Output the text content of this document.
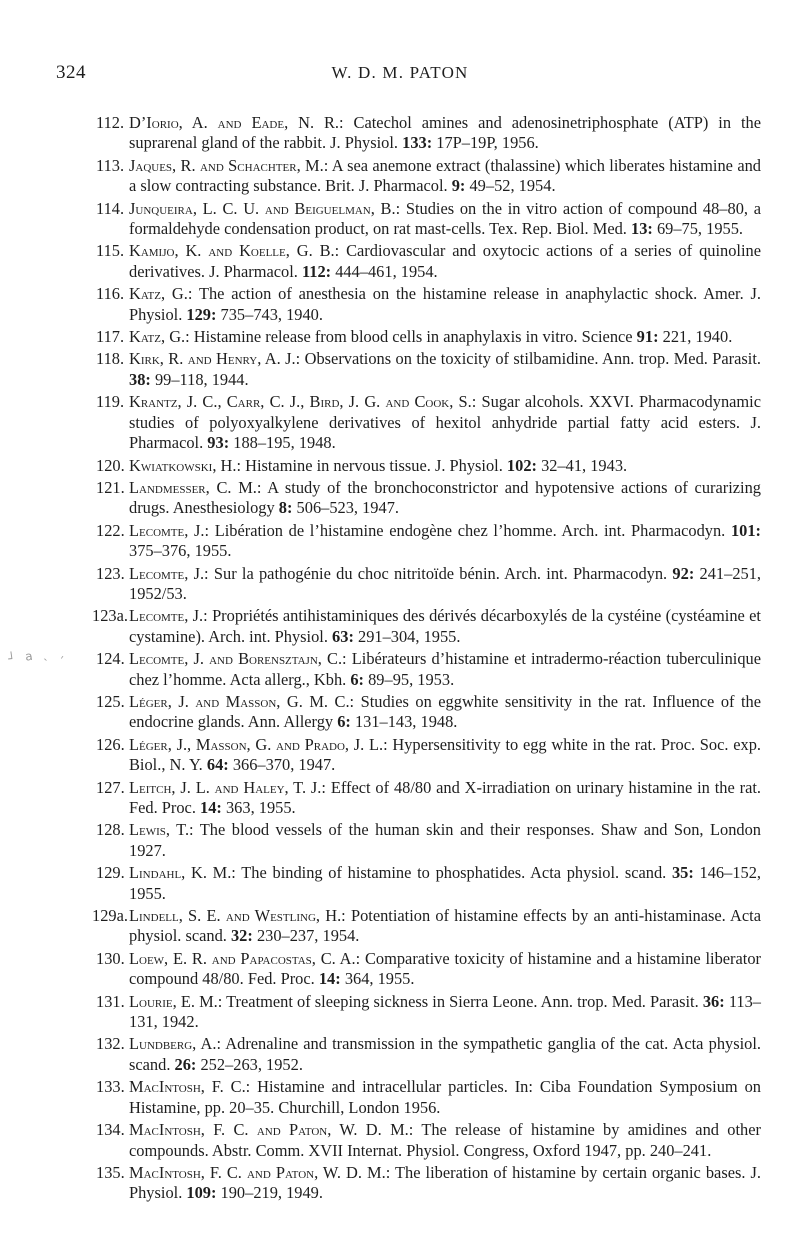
324	W. D. M. PATON
┘ a ˎ ˏ
112. D’Iorio, A. and Eade, N. R.: Catechol amines and adenosinetriphosphate (ATP) in the suprarenal gland of the rabbit. J. Physiol. 133: 17P–19P, 1956.
113. Jaques, R. and Schachter, M.: A sea anemone extract (thalassine) which liberates histamine and a slow contracting substance. Brit. J. Pharmacol. 9: 49–52, 1954.
114. Junqueira, L. C. U. and Beiguelman, B.: Studies on the in vitro action of compound 48–80, a formaldehyde condensation product, on rat mast-cells. Tex. Rep. Biol. Med. 13: 69–75, 1955.
115. Kamijo, K. and Koelle, G. B.: Cardiovascular and oxytocic actions of a series of quinoline derivatives. J. Pharmacol. 112: 444–461, 1954.
116. Katz, G.: The action of anesthesia on the histamine release in anaphylactic shock. Amer. J. Physiol. 129: 735–743, 1940.
117. Katz, G.: Histamine release from blood cells in anaphylaxis in vitro. Science 91: 221, 1940.
118. Kirk, R. and Henry, A. J.: Observations on the toxicity of stilbamidine. Ann. trop. Med. Parasit. 38: 99–118, 1944.
119. Krantz, J. C., Carr, C. J., Bird, J. G. and Cook, S.: Sugar alcohols. XXVI. Pharmacodynamic studies of polyoxyalkylene derivatives of hexitol anhydride partial fatty acid esters. J. Pharmacol. 93: 188–195, 1948.
120. Kwiatkowski, H.: Histamine in nervous tissue. J. Physiol. 102: 32–41, 1943.
121. Landmesser, C. M.: A study of the bronchoconstrictor and hypotensive actions of curarizing drugs. Anesthesiology 8: 506–523, 1947.
122. Lecomte, J.: Libération de l’histamine endogène chez l’homme. Arch. int. Pharmacodyn. 101: 375–376, 1955.
123. Lecomte, J.: Sur la pathogénie du choc nitritoïde bénin. Arch. int. Pharmacodyn. 92: 241–251, 1952/53.
123a. Lecomte, J.: Propriétés antihistaminiques des dérivés décarboxylés de la cystéine (cystéamine et cystamine). Arch. int. Physiol. 63: 291–304, 1955.
124. Lecomte, J. and Borensztajn, C.: Libérateurs d’histamine et intradermo-réaction tuberculinique chez l’homme. Acta allerg., Kbh. 6: 89–95, 1953.
125. Léger, J. and Masson, G. M. C.: Studies on eggwhite sensitivity in the rat. Influence of the endocrine glands. Ann. Allergy 6: 131–143, 1948.
126. Léger, J., Masson, G. and Prado, J. L.: Hypersensitivity to egg white in the rat. Proc. Soc. exp. Biol., N. Y. 64: 366–370, 1947.
127. Leitch, J. L. and Haley, T. J.: Effect of 48/80 and X-irradiation on urinary histamine in the rat. Fed. Proc. 14: 363, 1955.
128. Lewis, T.: The blood vessels of the human skin and their responses. Shaw and Son, London 1927.
129. Lindahl, K. M.: The binding of histamine to phosphatides. Acta physiol. scand. 35: 146–152, 1955.
129a. Lindell, S. E. and Westling, H.: Potentiation of histamine effects by an anti-histaminase. Acta physiol. scand. 32: 230–237, 1954.
130. Loew, E. R. and Papacostas, C. A.: Comparative toxicity of histamine and a histamine liberator compound 48/80. Fed. Proc. 14: 364, 1955.
131. Lourie, E. M.: Treatment of sleeping sickness in Sierra Leone. Ann. trop. Med. Parasit. 36: 113–131, 1942.
132. Lundberg, A.: Adrenaline and transmission in the sympathetic ganglia of the cat. Acta physiol. scand. 26: 252–263, 1952.
133. MacIntosh, F. C.: Histamine and intracellular particles. In: Ciba Foundation Symposium on Histamine, pp. 20–35. Churchill, London 1956.
134. MacIntosh, F. C. and Paton, W. D. M.: The release of histamine by amidines and other compounds. Abstr. Comm. XVII Internat. Physiol. Congress, Oxford 1947, pp. 240–241.
135. MacIntosh, F. C. and Paton, W. D. M.: The liberation of histamine by certain organic bases. J. Physiol. 109: 190–219, 1949.
